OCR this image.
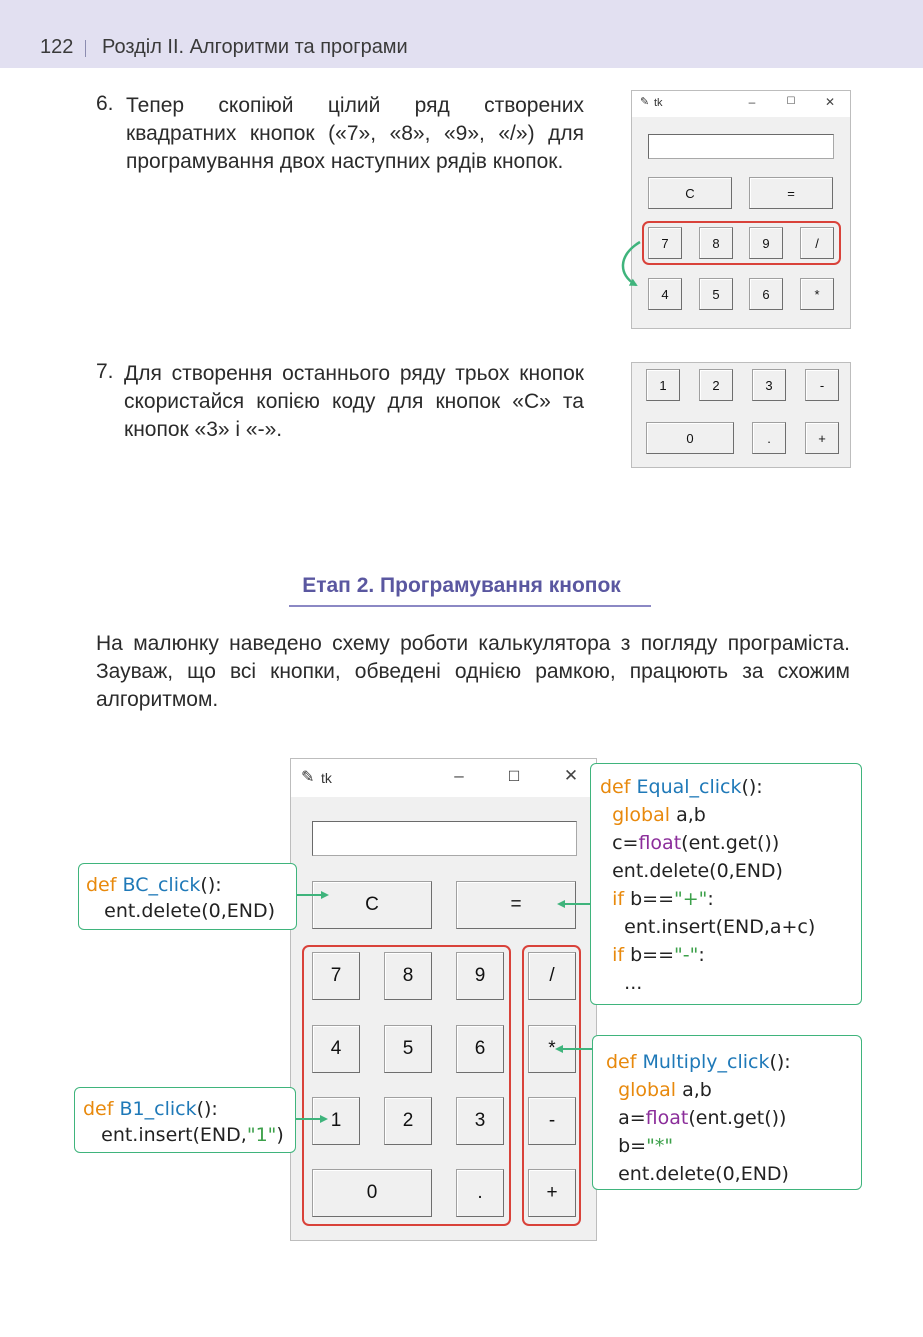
122 Розділ ІІ. Алгоритми та програми
6. Тепер скопіюй цілий ряд створених квадратних кнопок («7», «8», «9», «/») для програмування двох наступних рядів кнопок.
✎ tk	–	☐ ✕
C	=
7	8	9	/
4	5	6	*
7. Для створення останнього ряду трьох кнопок скористайся копією коду для кнопок «С» та кнопок «3» і «-».
1	2	3	-
0	.	+
Етап 2. Програмування кнопок
На малюнку наведено схему роботи калькулятора з погляду програміста. Зауваж, що всі кнопки, обведені однією рамкою, працюють за схожим алгоритмом.
✎ tk	–	☐	✕
C	=
7	8	9	/
4	5	6	*
1	2	3	-
0	.	+
def BC_click():
ent.delete(0,END)
def B1_click():
ent.insert(END,"1")
def Equal_click():
global a,b
c=float(ent.get())
ent.delete(0,END)
if b=="+":
ent.insert(END,a+c)
if b=="-":
...
def Multiply_click():
global a,b
a=float(ent.get())
b="*"
ent.delete(0,END)
